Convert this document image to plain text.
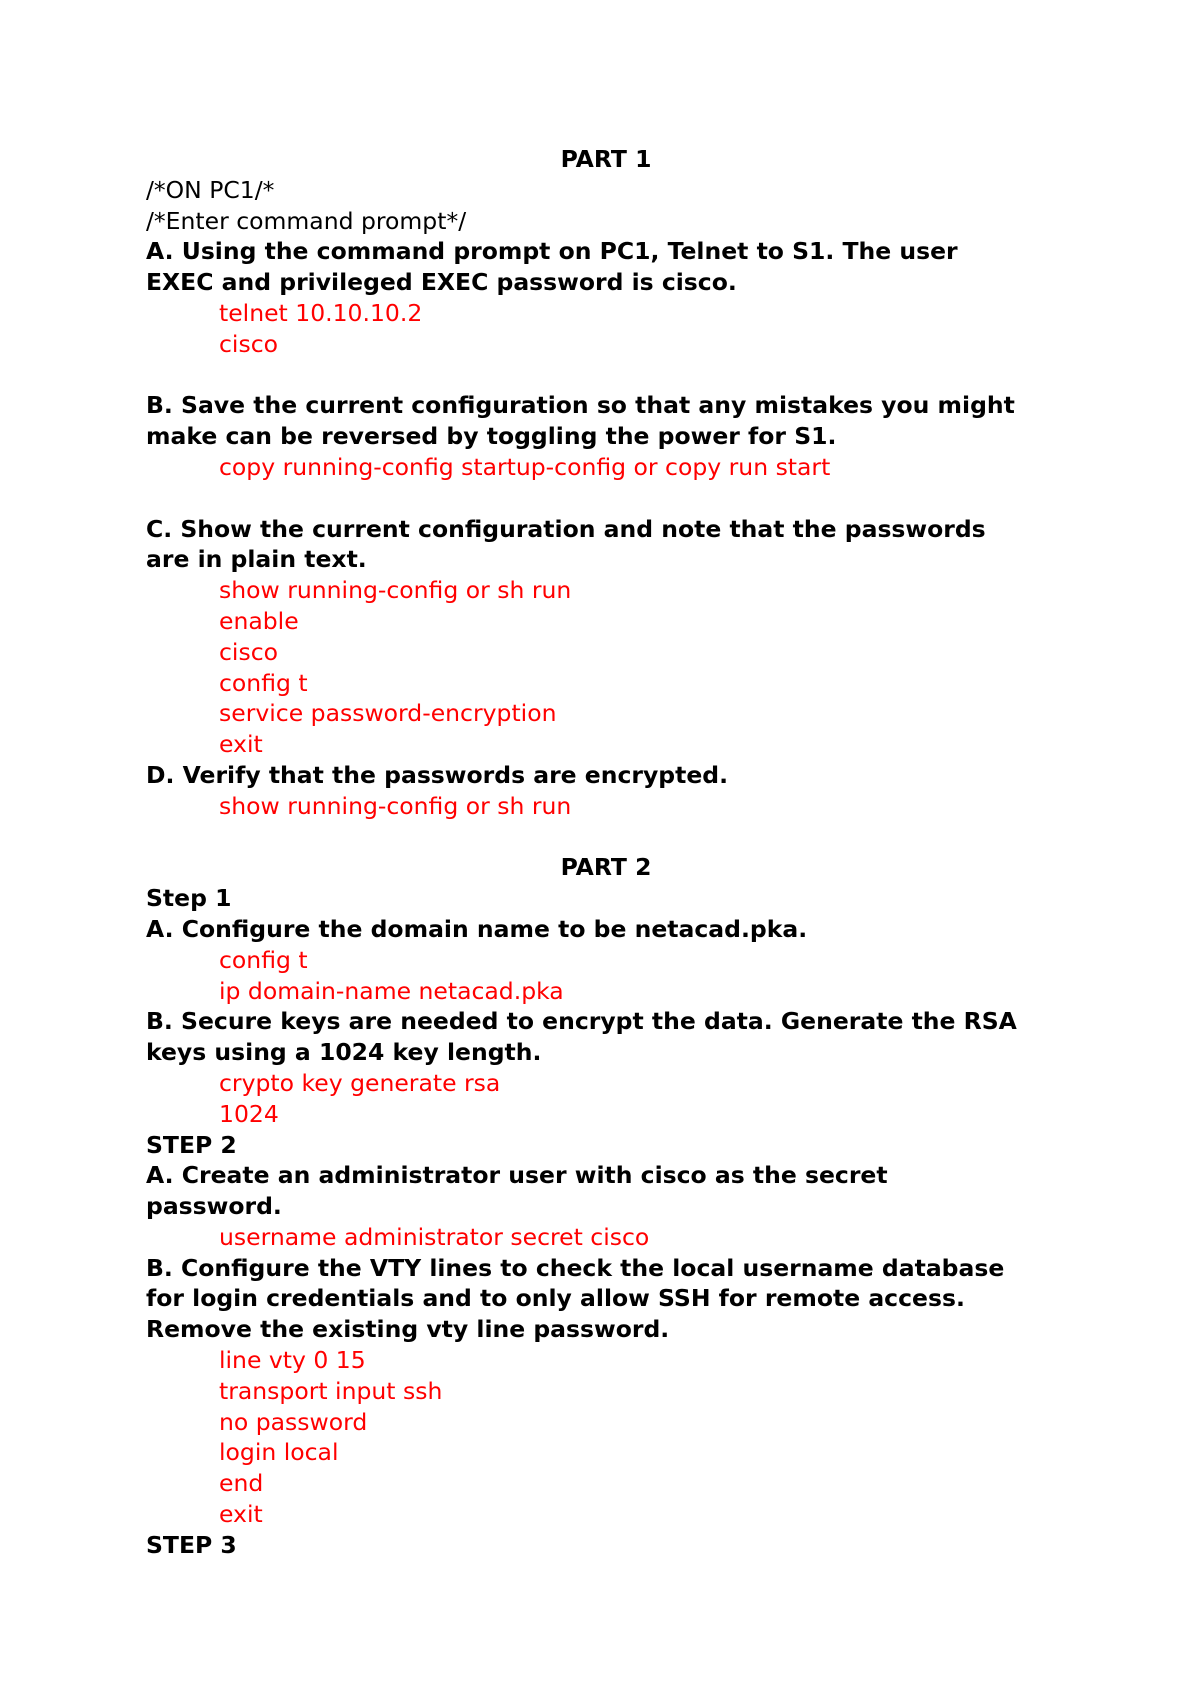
PART 1
/*ON PC1/*
/*Enter command prompt*/
A. Using the command prompt on PC1, Telnet to S1. The user
EXEC and privileged EXEC password is cisco.
telnet 10.10.10.2
cisco
B. Save the current configuration so that any mistakes you might
make can be reversed by toggling the power for S1.
copy running-config startup-config or copy run start
C. Show the current configuration and note that the passwords
are in plain text.
show running-config or sh run
enable
cisco
config t
service password-encryption
exit
D. Verify that the passwords are encrypted.
show running-config or sh run
PART 2
Step 1
A. Configure the domain name to be netacad.pka.
config t
ip domain-name netacad.pka
B. Secure keys are needed to encrypt the data. Generate the RSA
keys using a 1024 key length.
crypto key generate rsa
1024
STEP 2
A. Create an administrator user with cisco as the secret
password.
username administrator secret cisco
B. Configure the VTY lines to check the local username database
for login credentials and to only allow SSH for remote access.
Remove the existing vty line password.
line vty 0 15
transport input ssh
no password
login local
end
exit
STEP 3
